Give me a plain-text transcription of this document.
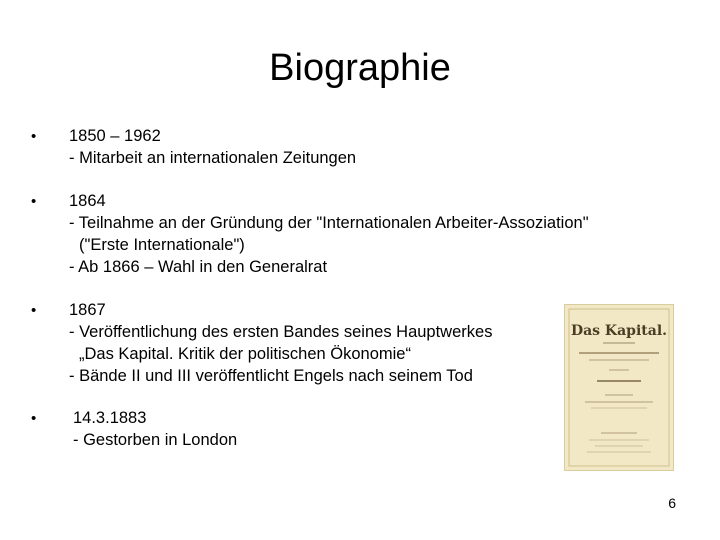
Biographie
• 1850 – 1962
- Mitarbeit an internationalen Zeitungen
• 1864
- Teilnahme an der Gründung der "Internationalen Arbeiter-Assoziation"
("Erste Internationale")
- Ab 1866 – Wahl in den Generalrat
• 1867
- Veröffentlichung des ersten Bandes seines Hauptwerkes
„Das Kapital. Kritik der politischen Ökonomie“
- Bände II und III veröffentlicht Engels nach seinem Tod
• 14.3.1883
- Gestorben in London
Das Kapital.
6
